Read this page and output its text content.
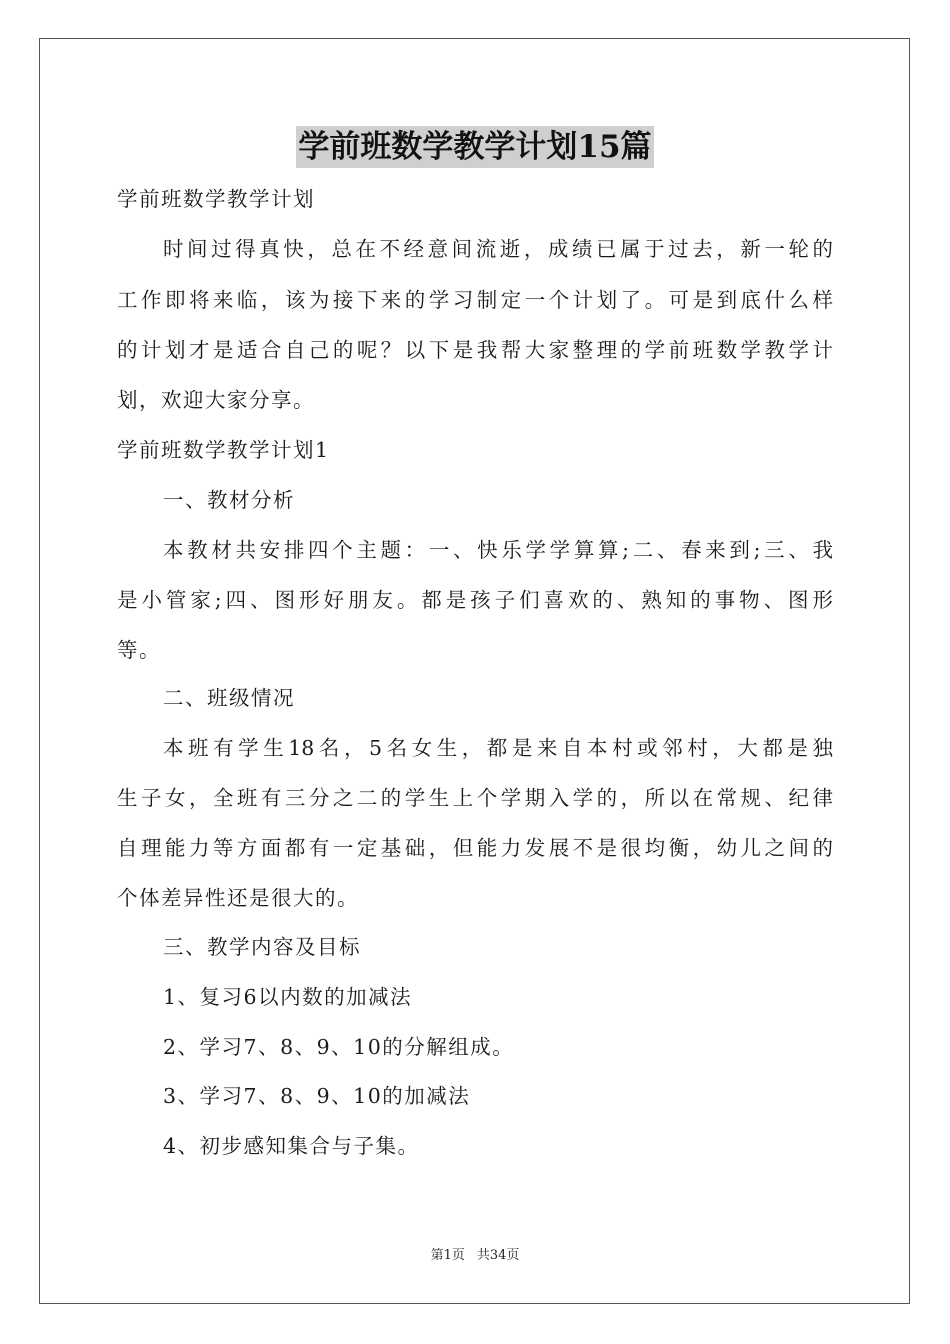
学前班数学教学计划15篇
学前班数学教学计划
时间过得真快，总在不经意间流逝，成绩已属于过去，新一轮的
工作即将来临，该为接下来的学习制定一个计划了。可是到底什么样
的计划才是适合自己的呢？以下是我帮大家整理的学前班数学教学计
划，欢迎大家分享。
学前班数学教学计划1
一、教材分析
本教材共安排四个主题：一、快乐学学算算;二、春来到;三、我
是小管家;四、图形好朋友。都是孩子们喜欢的、熟知的事物、图形
等。
二、班级情况
本班有学生18名，5名女生，都是来自本村或邻村，大都是独
生子女，全班有三分之二的学生上个学期入学的，所以在常规、纪律
自理能力等方面都有一定基础，但能力发展不是很均衡，幼儿之间的
个体差异性还是很大的。
三、教学内容及目标
1、复习6以内数的加减法
2、学习7、8、9、10的分解组成。
3、学习7、8、9、10的加减法
4、初步感知集合与子集。
第1页 共34页
